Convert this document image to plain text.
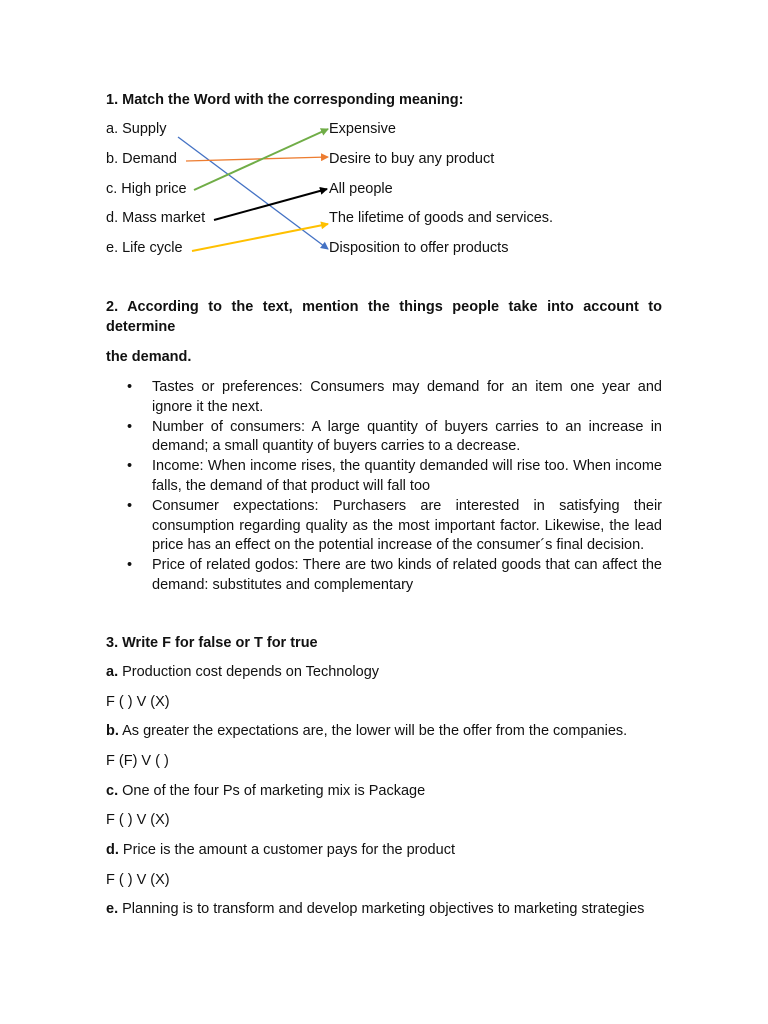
1. Match the Word with the corresponding meaning:
a. Supply
b. Demand
c. High price
d. Mass market
e. Life cycle
Expensive
Desire to buy any product
All people
The lifetime of goods and services.
Disposition to offer products
2. According to the text, mention the things people take into account to
determine
the demand.
• Tastes or preferences: Consumers may demand for an item one year and ignore it the next.
• Number of consumers: A large quantity of buyers carries to an increase in demand; a small quantity of buyers carries to a decrease.
• Income: When income rises, the quantity demanded will rise too. When income falls, the demand of that product will fall too
• Consumer expectations: Purchasers are interested in satisfying their consumption regarding quality as the most important factor. Likewise, the lead price has an effect on the potential increase of the consumer´s final decision.
• Price of related godos: There are two kinds of related goods that can affect the demand: substitutes and complementary
3. Write F for false or T for true
a. Production cost depends on Technology
F ( ) V (X)
b. As greater the expectations are, the lower will be the offer from the companies.
F (F) V ( )
c. One of the four Ps of marketing mix is Package
F ( ) V (X)
d. Price is the amount a customer pays for the product
F ( ) V (X)
e. Planning is to transform and develop marketing objectives to marketing strategies
